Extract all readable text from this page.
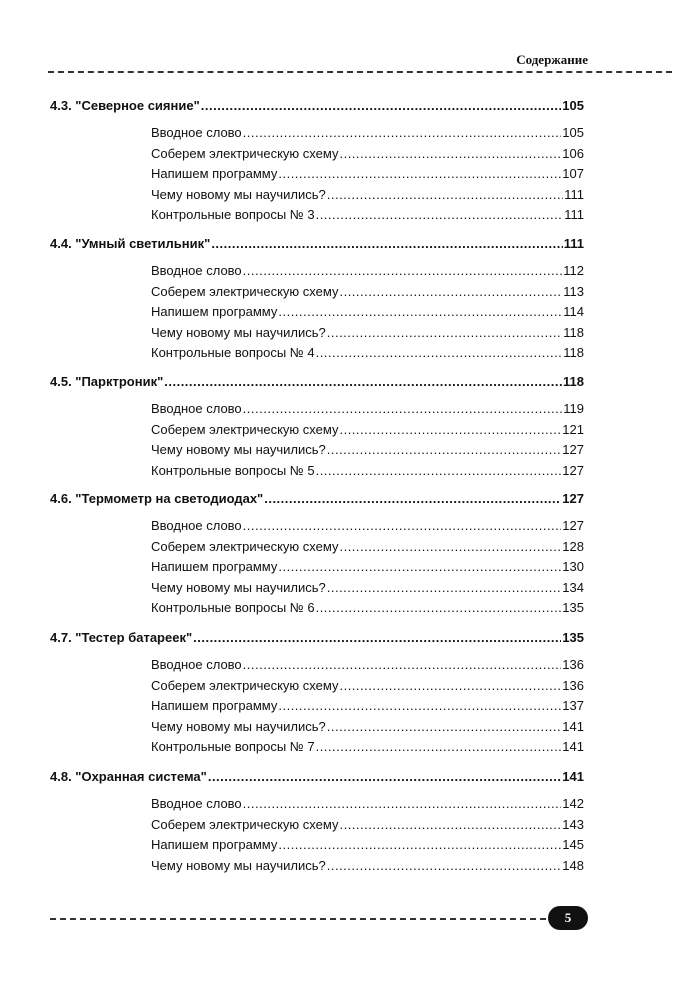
Содержание
4.3. "Северное сияние" .....	105
Вводное слово .....	105
Соберем электрическую схему .....	106
Напишем программу .....	107
Чему новому мы научились? .....	111
Контрольные вопросы № 3 .....	111
4.4. "Умный светильник" .....	111
Вводное слово .....	112
Соберем электрическую схему .....	113
Напишем программу .....	114
Чему новому мы научились? .....	118
Контрольные вопросы № 4 .....	118
4.5. "Парктроник" .....	118
Вводное слово .....	119
Соберем электрическую схему .....	121
Чему новому мы научились? .....	127
Контрольные вопросы № 5 .....	127
4.6. "Термометр на светодиодах" .....	127
Вводное слово .....	127
Соберем электрическую схему .....	128
Напишем программу .....	130
Чему новому мы научились? .....	134
Контрольные вопросы № 6 .....	135
4.7. "Тестер батареек" .....	135
Вводное слово .....	136
Соберем электрическую схему .....	136
Напишем программу .....	137
Чему новому мы научились? .....	141
Контрольные вопросы № 7 .....	141
4.8. "Охранная система" .....	141
Вводное слово .....	142
Соберем электрическую схему .....	143
Напишем программу .....	145
Чему новому мы научились? .....	148
5
